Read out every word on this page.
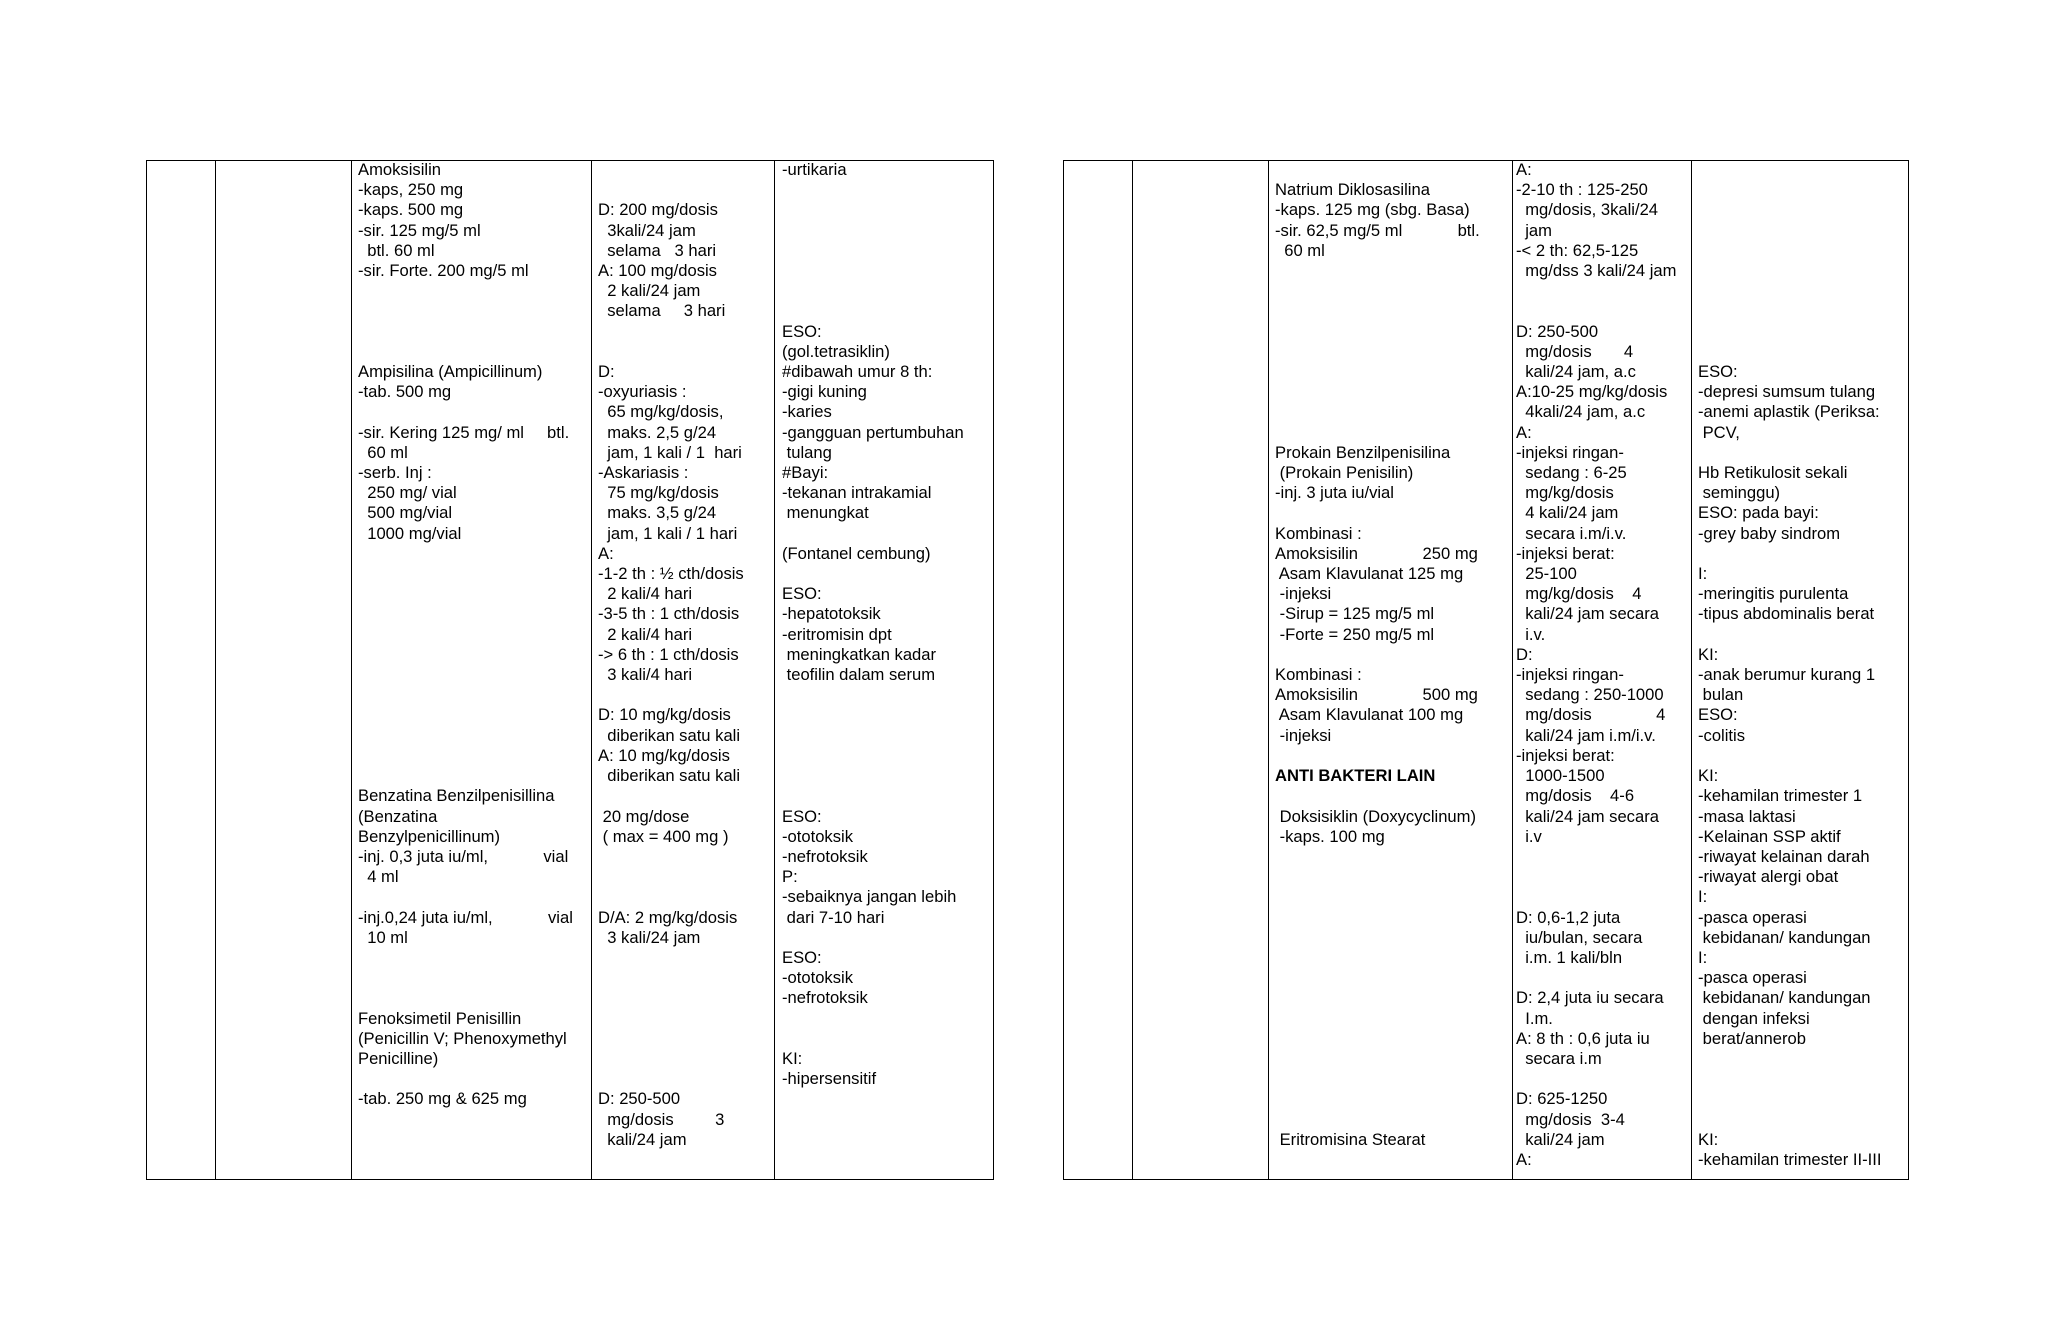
Amoksisilin
-kaps, 250 mg
-kaps. 500 mg
-sir. 125 mg/5 ml
btl. 60 ml
-sir. Forte. 200 mg/5 ml

Ampisilina (Ampicillinum)
-tab. 500 mg

-sir. Kering 125 mg/ ml     btl.
60 ml
-serb. Inj :
250 mg/ vial
500 mg/vial
1000 mg/vial

Benzatina Benzilpenisillina
(Benzatina
Benzylpenicillinum)
-inj. 0,3 juta iu/ml,            vial
4 ml

-inj.0,24 juta iu/ml,            vial
10 ml

Fenoksimetil Penisillin
(Penicillin V; Phenoxymethyl
Penicilline)

-tab. 250 mg & 625 mg

D: 200 mg/dosis
3kali/24 jam
selama   3 hari
A: 100 mg/dosis
2 kali/24 jam
selama     3 hari

D:
-oxyuriasis :
65 mg/kg/dosis,
maks. 2,5 g/24
jam, 1 kali / 1  hari
-Askariasis :
75 mg/kg/dosis
maks. 3,5 g/24
jam, 1 kali / 1 hari
A:
-1-2 th : ½ cth/dosis
2 kali/4 hari
-3-5 th : 1 cth/dosis
2 kali/4 hari
-> 6 th : 1 cth/dosis
3 kali/4 hari

D: 10 mg/kg/dosis
diberikan satu kali
A: 10 mg/kg/dosis
diberikan satu kali

20 mg/dose
( max = 400 mg )

D/A: 2 mg/kg/dosis
3 kali/24 jam

D: 250-500
mg/dosis         3
kali/24 jam
-urtikaria

ESO:
(gol.tetrasiklin)
#dibawah umur 8 th:
-gigi kuning
-karies
-gangguan pertumbuhan
tulang
#Bayi:
-tekanan intrakamial
menungkat

(Fontanel cembung)

ESO:
-hepatotoksik
-eritromisin dpt
meningkatkan kadar
teofilin dalam serum

ESO:
-ototoksik
-nefrotoksik
P:
-sebaiknya jangan lebih
dari 7-10 hari

ESO:
-ototoksik
-nefrotoksik

KI:
-hipersensitif

Natrium Diklosasilina
-kaps. 125 mg (sbg. Basa)
-sir. 62,5 mg/5 ml            btl.
60 ml

Prokain Benzilpenisilina
(Prokain Penisilin)
-inj. 3 juta iu/vial

Kombinasi :
Amoksisilin              250 mg
Asam Klavulanat 125 mg
-injeksi
-Sirup = 125 mg/5 ml
-Forte = 250 mg/5 ml

Kombinasi :
Amoksisilin              500 mg
Asam Klavulanat 100 mg
-injeksi

ANTI BAKTERI LAIN

Doksisiklin (Doxycyclinum)
-kaps. 100 mg

Eritromisina Stearat
A:
-2-10 th : 125-250
mg/dosis, 3kali/24
jam
-< 2 th: 62,5-125
mg/dss 3 kali/24 jam

D: 250-500
mg/dosis       4
kali/24 jam, a.c
A:10-25 mg/kg/dosis
4kali/24 jam, a.c
A:
-injeksi ringan-
sedang : 6-25
mg/kg/dosis
4 kali/24 jam
secara i.m/i.v.
-injeksi berat:
25-100
mg/kg/dosis    4
kali/24 jam secara
i.v.
D:
-injeksi ringan-
sedang : 250-1000
mg/dosis              4
kali/24 jam i.m/i.v.
-injeksi berat:
1000-1500
mg/dosis    4-6
kali/24 jam secara
i.v

D: 0,6-1,2 juta
iu/bulan, secara
i.m. 1 kali/bln

D: 2,4 juta iu secara
I.m.
A: 8 th : 0,6 juta iu
secara i.m

D: 625-1250
mg/dosis  3-4
kali/24 jam
A:

ESO:
-depresi sumsum tulang
-anemi aplastik (Periksa:
PCV,

Hb Retikulosit sekali
seminggu)
ESO: pada bayi:
-grey baby sindrom

I:
-meringitis purulenta
-tipus abdominalis berat

KI:
-anak berumur kurang 1
bulan
ESO:
-colitis

KI:
-kehamilan trimester 1
-masa laktasi
-Kelainan SSP aktif
-riwayat kelainan darah
-riwayat alergi obat
I:
-pasca operasi
kebidanan/ kandungan
I:
-pasca operasi
kebidanan/ kandungan
dengan infeksi
berat/annerob

KI:
-kehamilan trimester II-III
